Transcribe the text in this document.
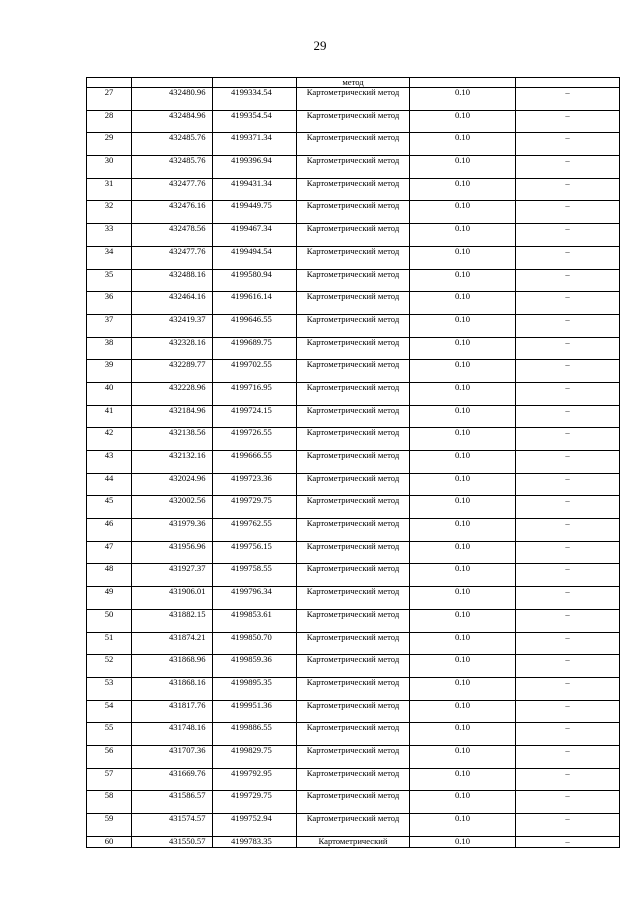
29
			метод		
27	432480.96	4199334.54	Картометрический метод	0.10	–
28	432484.96	4199354.54	Картометрический метод	0.10	–
29	432485.76	4199371.34	Картометрический метод	0.10	–
30	432485.76	4199396.94	Картометрический метод	0.10	–
31	432477.76	4199431.34	Картометрический метод	0.10	–
32	432476.16	4199449.75	Картометрический метод	0.10	–
33	432478.56	4199467.34	Картометрический метод	0.10	–
34	432477.76	4199494.54	Картометрический метод	0.10	–
35	432488.16	4199580.94	Картометрический метод	0.10	–
36	432464.16	4199616.14	Картометрический метод	0.10	–
37	432419.37	4199646.55	Картометрический метод	0.10	–
38	432328.16	4199689.75	Картометрический метод	0.10	–
39	432289.77	4199702.55	Картометрический метод	0.10	–
40	432228.96	4199716.95	Картометрический метод	0.10	–
41	432184.96	4199724.15	Картометрический метод	0.10	–
42	432138.56	4199726.55	Картометрический метод	0.10	–
43	432132.16	4199666.55	Картометрический метод	0.10	–
44	432024.96	4199723.36	Картометрический метод	0.10	–
45	432002.56	4199729.75	Картометрический метод	0.10	–
46	431979.36	4199762.55	Картометрический метод	0.10	–
47	431956.96	4199756.15	Картометрический метод	0.10	–
48	431927.37	4199758.55	Картометрический метод	0.10	–
49	431906.01	4199796.34	Картометрический метод	0.10	–
50	431882.15	4199853.61	Картометрический метод	0.10	–
51	431874.21	4199850.70	Картометрический метод	0.10	–
52	431868.96	4199859.36	Картометрический метод	0.10	–
53	431868.16	4199895.35	Картометрический метод	0.10	–
54	431817.76	4199951.36	Картометрический метод	0.10	–
55	431748.16	4199886.55	Картометрический метод	0.10	–
56	431707.36	4199829.75	Картометрический метод	0.10	–
57	431669.76	4199792.95	Картометрический метод	0.10	–
58	431586.57	4199729.75	Картометрический метод	0.10	–
59	431574.57	4199752.94	Картометрический метод	0.10	–
60	431550.57	4199783.35	Картометрический	0.10	–
